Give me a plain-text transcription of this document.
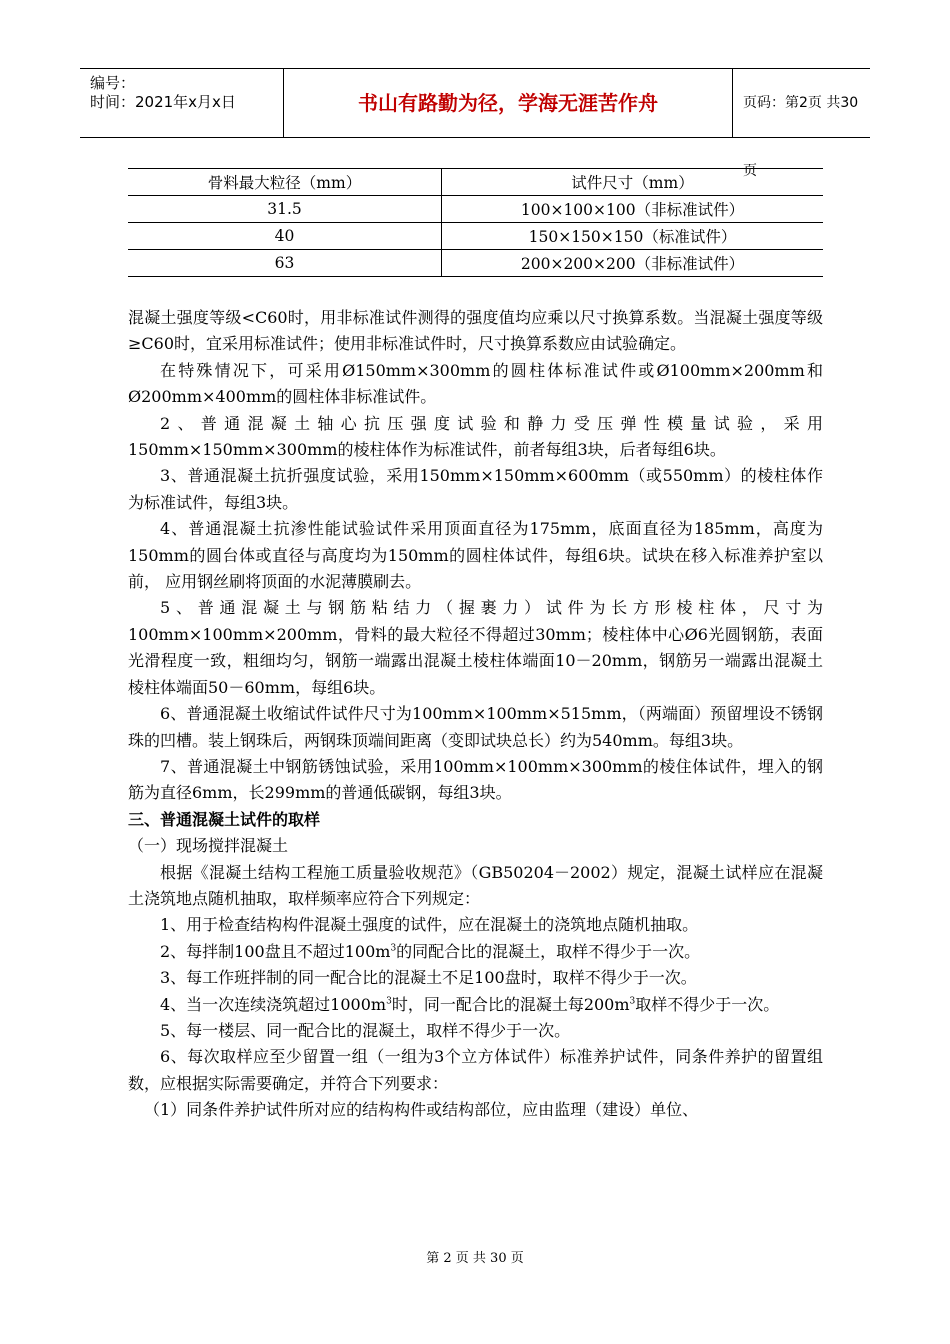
编号：
时间：2021年x月x日	书山有路勤为径，学海无涯苦作舟	页码：第2页 共30页
骨料最大粒径（mm）	试件尺寸（mm）
31.5	100×100×100（非标准试件）
40	150×150×150（标准试件）
63	200×200×200（非标准试件）

混凝土强度等级<C60时，用非标准试件测得的强度值均应乘以尺寸换算系数。当混凝土强度等级≥C60时，宜采用标准试件；使用非标准试件时，尺寸换算系数应由试验确定。

在特殊情况下，可采用Ø150mm×300mm的圆柱体标准试件或Ø100mm×200mm和Ø200mm×400mm的圆柱体非标准试件。

2、普通混凝土轴心抗压强度试验和静力受压弹性模量试验，采用150mm×150mm×300mm的棱柱体作为标准试件，前者每组3块，后者每组6块。

3、普通混凝土抗折强度试验，采用150mm×150mm×600mm（或550mm）的棱柱体作为标准试件，每组3块。

4、普通混凝土抗渗性能试验试件采用顶面直径为175mm，底面直径为185mm，高度为150mm的圆台体或直径与高度均为150mm的圆柱体试件，每组6块。试块在移入标准养护室以前， 应用钢丝刷将顶面的水泥薄膜刷去。

5、普通混凝土与钢筋粘结力（握裹力）试件为长方形棱柱体，尺寸为100mm×100mm×200mm，骨料的最大粒径不得超过30mm；棱柱体中心Ø6光圆钢筋，表面光滑程度一致，粗细均匀，钢筋一端露出混凝土棱柱体端面10－20mm，钢筋另一端露出混凝土棱柱体端面50－60mm，每组6块。

6、普通混凝土收缩试件试件尺寸为100mm×100mm×515mm，（两端面）预留埋设不锈钢珠的凹槽。装上钢珠后，两钢珠顶端间距离（变即试块总长）约为540mm。每组3块。

7、普通混凝土中钢筋锈蚀试验，采用100mm×100mm×300mm的棱住体试件，埋入的钢筋为直径6mm，长299mm的普通低碳钢，每组3块。

三、普通混凝土试件的取样

（一）现场搅拌混凝土

根据《混凝土结构工程施工质量验收规范》（GB50204－2002）规定，混凝土试样应在混凝土浇筑地点随机抽取，取样频率应符合下列规定：

1、用于检查结构构件混凝土强度的试件，应在混凝土的浇筑地点随机抽取。

2、每拌制100盘且不超过$100m^3$的同配合比的混凝土，取样不得少于一次。

3、每工作班拌制的同一配合比的混凝土不足100盘时，取样不得少于一次。

4、当一次连续浇筑超过$1000m^3$时，同一配合比的混凝土每$200m^3$取样不得少于一次。

5、每一楼层、同一配合比的混凝土，取样不得少于一次。

6、每次取样应至少留置一组（一组为3个立方体试件）标准养护试件，同条件养护的留置组数，应根据实际需要确定，并符合下列要求：

（1）同条件养护试件所对应的结构构件或结构部位，应由监理（建设）单位、

第 2 页 共 30 页
